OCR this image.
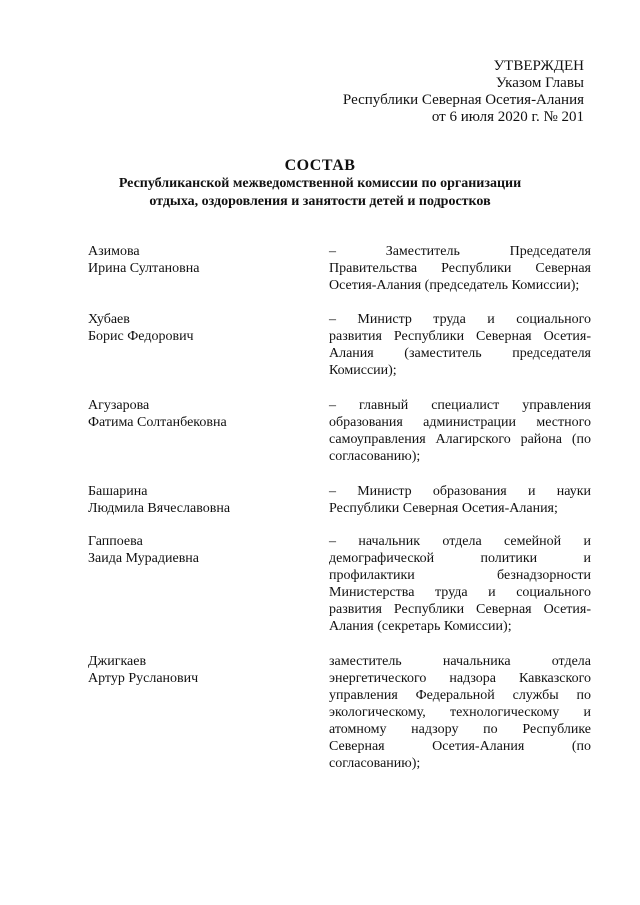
УТВЕРЖДЕН
Указом Главы
Республики Северная Осетия-Алания
от 6 июля 2020 г. № 201
СОСТАВ
Республиканской межведомственной комиссии по организации
отдыха, оздоровления и занятости детей и подростков
Азимова
Ирина Султановна
– Заместитель Председателя
Правительства Республики Северная
Осетия-Алания (председатель Комиссии);
Хубаев
Борис Федорович
– Министр труда и социального
развития Республики Северная Осетия-
Алания (заместитель председателя
Комиссии);
Агузарова
Фатима Солтанбековна
– главный специалист управления
образования администрации местного
самоуправления Алагирского района (по
согласованию);
Башарина
Людмила Вячеславовна
– Министр образования и науки
Республики Северная Осетия-Алания;
Гаппоева
Заида Мурадиевна
– начальник отдела семейной и
демографической политики и
профилактики безнадзорности
Министерства труда и социального
развития Республики Северная Осетия-
Алания (секретарь Комиссии);
Джигкаев
Артур Русланович
заместитель начальника отдела
энергетического надзора Кавказского
управления Федеральной службы по
экологическому, технологическому и
атомному надзору по Республике
Северная Осетия-Алания (по
согласованию);
